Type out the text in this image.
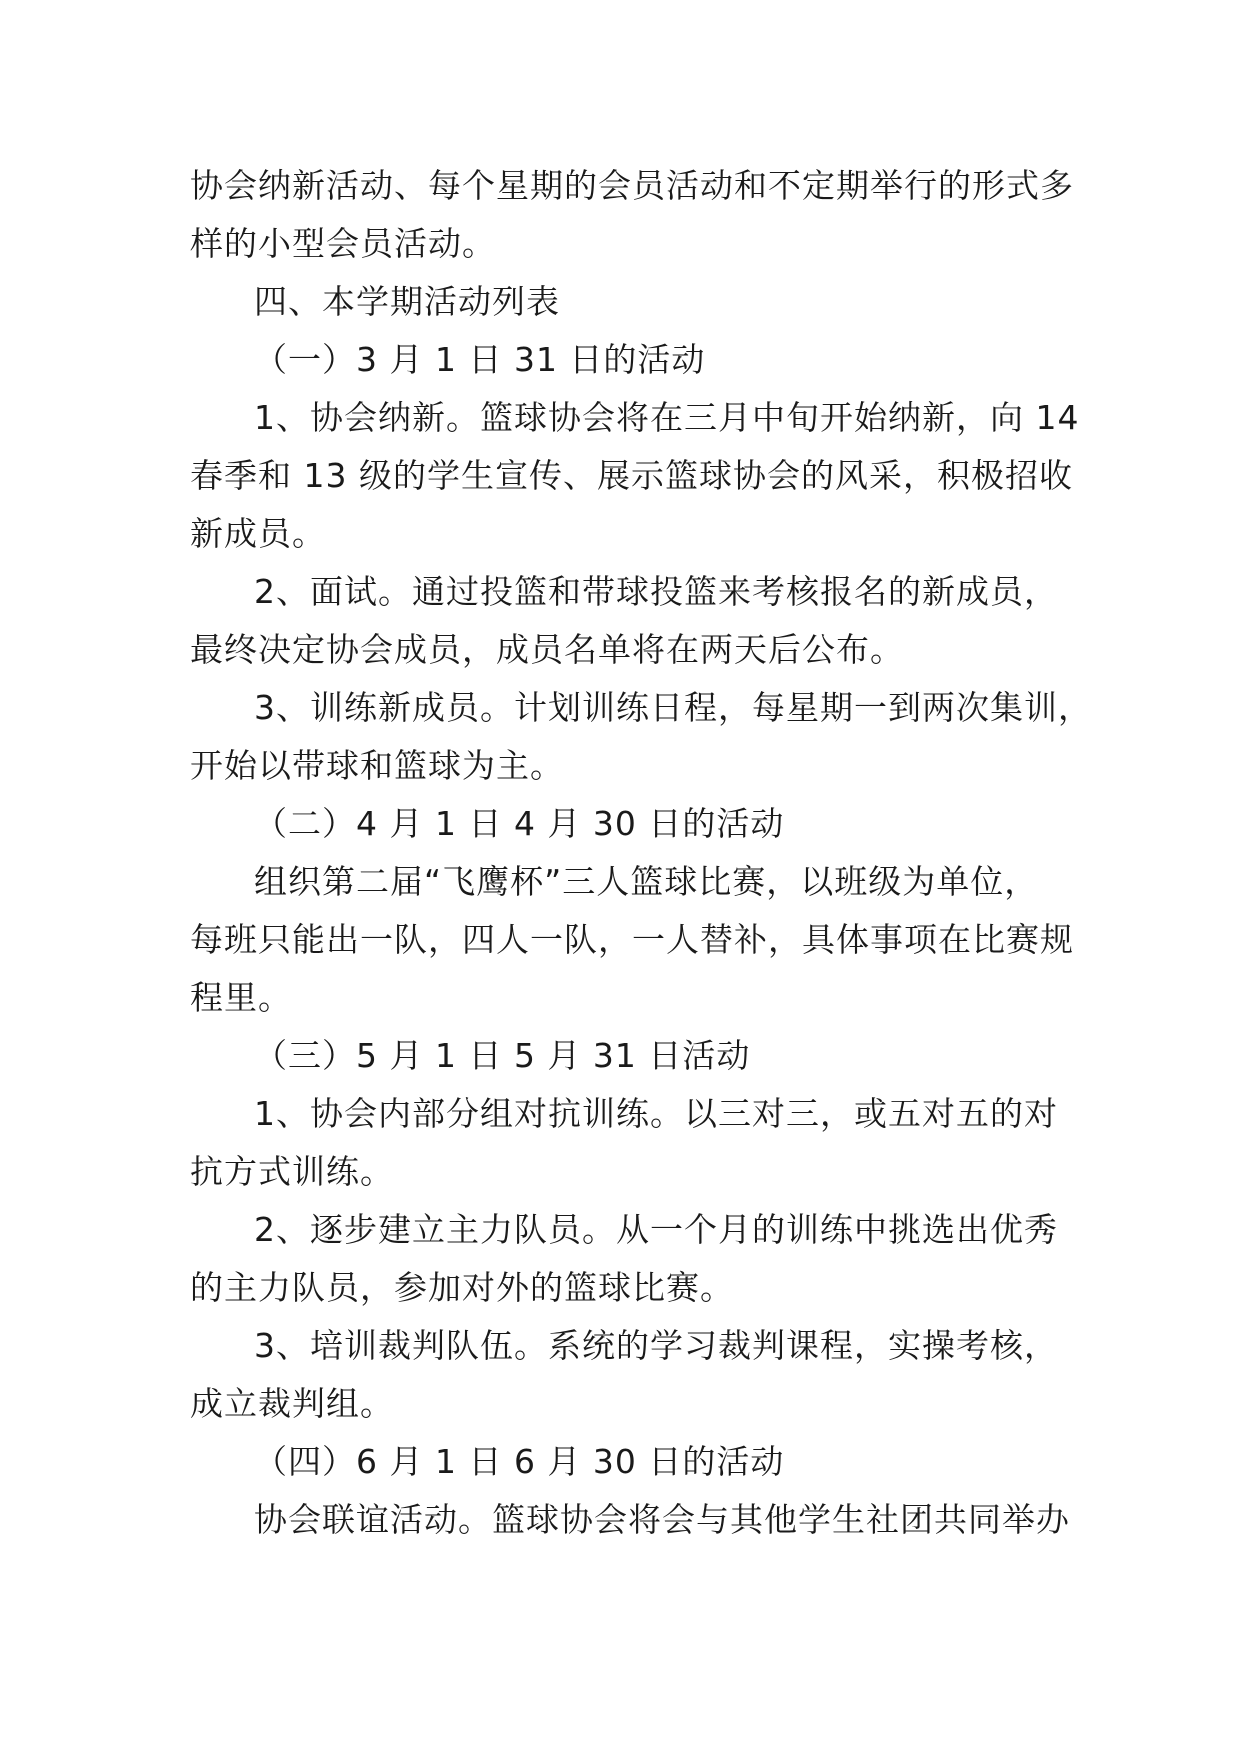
协会纳新活动、每个星期的会员活动和不定期举行的形式多
样的小型会员活动。
四、本学期活动列表
（一）3 月 1 日 31 日的活动
1、协会纳新。篮球协会将在三月中旬开始纳新，向 14
春季和 13 级的学生宣传、展示篮球协会的风采，积极招收
新成员。
2、面试。通过投篮和带球投篮来考核报名的新成员，
最终决定协会成员，成员名单将在两天后公布。
3、训练新成员。计划训练日程，每星期一到两次集训，
开始以带球和篮球为主。
（二）4 月 1 日 4 月 30 日的活动
组织第二届“飞鹰杯”三人篮球比赛，以班级为单位，
每班只能出一队，四人一队，一人替补，具体事项在比赛规
程里。
（三）5 月 1 日 5 月 31 日活动
1、协会内部分组对抗训练。以三对三，或五对五的对
抗方式训练。
2、逐步建立主力队员。从一个月的训练中挑选出优秀
的主力队员，参加对外的篮球比赛。
3、培训裁判队伍。系统的学习裁判课程，实操考核，
成立裁判组。
（四）6 月 1 日 6 月 30 日的活动
协会联谊活动。篮球协会将会与其他学生社团共同举办
